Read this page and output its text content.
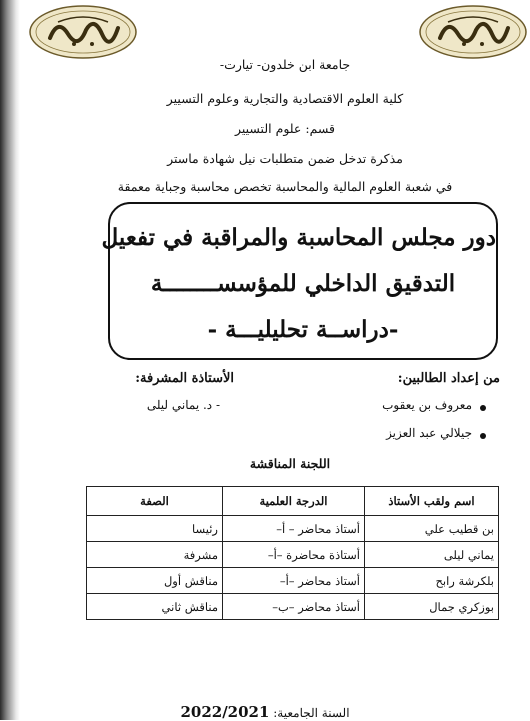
جامعة ابن خلدون- تيارت-
كلية العلوم الاقتصادية والتجارية وعلوم التسيير
قسم: علوم التسيير
مذكرة تدخل ضمن متطلبات نيل شهادة ماستر
في شعبة العلوم المالية والمحاسبة تخصص محاسبة وجباية معمقة
دور مجلس المحاسبة والمراقبة في تفعيل
التدقيق الداخلي للمؤسســــــــة
-دراســة تحليليـــة -
من إعداد الطالبين:
الأستاذة المشرفة:
معروف بن يعقوب
- د. يماني ليلى
جيلالي عبد العزيز
اللجنة المناقشة
اسم ولقب الأستاذ	الدرجة العلمية	الصفة
بن قطيب علي	أستاذ محاضر – أ–	رئيسا
يماني ليلى	أستاذة محاضرة –أ–	مشرفة
بلكرشة رابح	أستاذ محاضر –أ–	مناقش أول
بوزكري جمال	أستاذ محاضر –ب–	مناقش ثاني
السنة الجامعية: 2022/2021
